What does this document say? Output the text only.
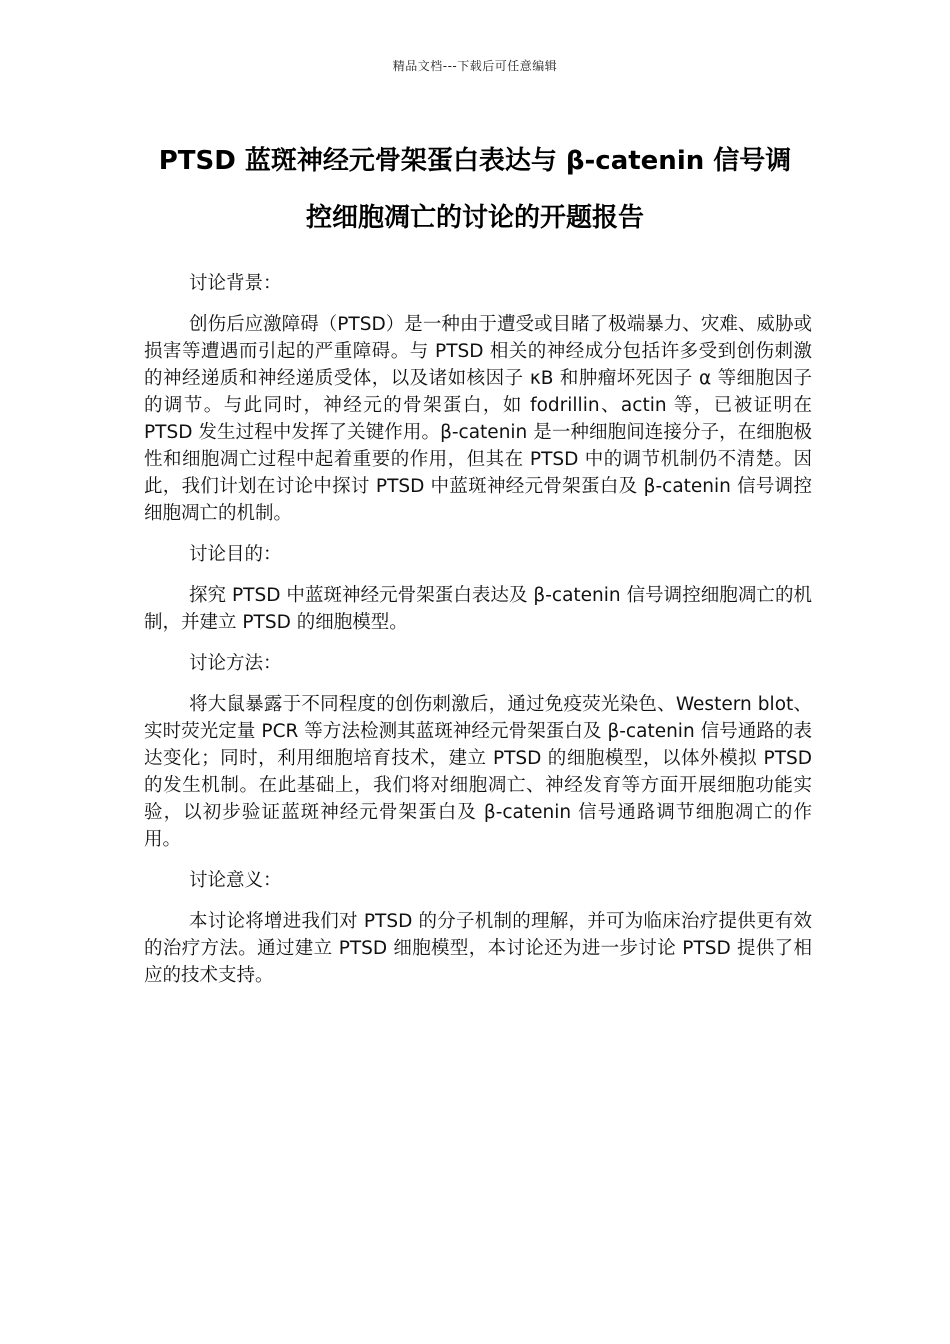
精品文档---下载后可任意编辑
PTSD 蓝斑神经元骨架蛋白表达与 β-catenin 信号调
控细胞凋亡的讨论的开题报告

讨论背景：

创伤后应激障碍（PTSD）是一种由于遭受或目睹了极端暴力、灾难、威胁或损害等遭遇而引起的严重障碍。与 PTSD 相关的神经成分包括许多受到创伤刺激的神经递质和神经递质受体，以及诸如核因子 κB 和肿瘤坏死因子 α 等细胞因子的调节。与此同时，神经元的骨架蛋白，如 fodrillin、actin 等，已被证明在 PTSD 发生过程中发挥了关键作用。β-catenin 是一种细胞间连接分子，在细胞极性和细胞凋亡过程中起着重要的作用，但其在 PTSD 中的调节机制仍不清楚。因此，我们计划在讨论中探讨 PTSD 中蓝斑神经元骨架蛋白及 β-catenin 信号调控细胞凋亡的机制。

讨论目的：

探究 PTSD 中蓝斑神经元骨架蛋白表达及 β-catenin 信号调控细胞凋亡的机制，并建立 PTSD 的细胞模型。

讨论方法：

将大鼠暴露于不同程度的创伤刺激后，通过免疫荧光染色、Western blot、实时荧光定量 PCR 等方法检测其蓝斑神经元骨架蛋白及 β-catenin 信号通路的表达变化；同时，利用细胞培育技术，建立 PTSD 的细胞模型，以体外模拟 PTSD 的发生机制。在此基础上，我们将对细胞凋亡、神经发育等方面开展细胞功能实验，以初步验证蓝斑神经元骨架蛋白及 β-catenin 信号通路调节细胞凋亡的作用。

讨论意义：

本讨论将增进我们对 PTSD 的分子机制的理解，并可为临床治疗提供更有效的治疗方法。通过建立 PTSD 细胞模型，本讨论还为进一步讨论 PTSD 提供了相应的技术支持。
